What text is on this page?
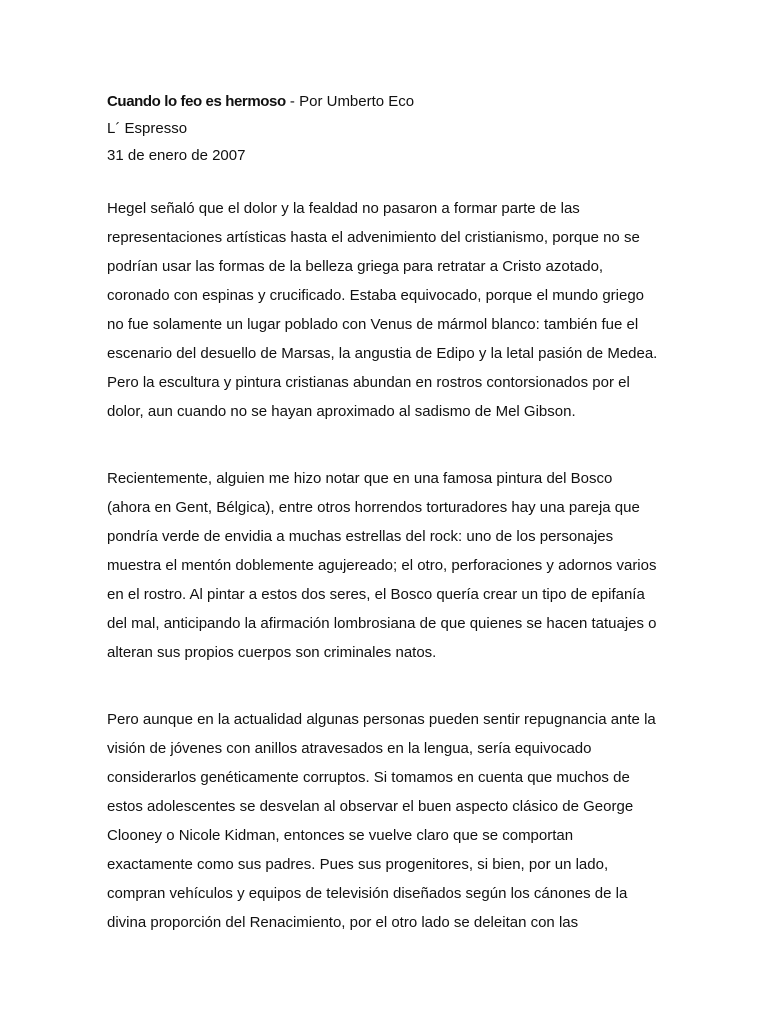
Cuando lo feo es hermoso - Por Umberto Eco
L´ Espresso
31 de enero de 2007
Hegel señaló que el dolor y la fealdad no pasaron a formar parte de las
representaciones artísticas hasta el advenimiento del cristianismo, porque no se
podrían usar las formas de la belleza griega para retratar a Cristo azotado,
coronado con espinas y crucificado. Estaba equivocado, porque el mundo griego
no fue solamente un lugar poblado con Venus de mármol blanco: también fue el
escenario del desuello de Marsas, la angustia de Edipo y la letal pasión de Medea.
Pero la escultura y pintura cristianas abundan en rostros contorsionados por el
dolor, aun cuando no se hayan aproximado al sadismo de Mel Gibson.
Recientemente, alguien me hizo notar que en una famosa pintura del Bosco
(ahora en Gent, Bélgica), entre otros horrendos torturadores hay una pareja que
pondría verde de envidia a muchas estrellas del rock: uno de los personajes
muestra el mentón doblemente agujereado; el otro, perforaciones y adornos varios
en el rostro. Al pintar a estos dos seres, el Bosco quería crear un tipo de epifanía
del mal, anticipando la afirmación lombrosiana de que quienes se hacen tatuajes o
alteran sus propios cuerpos son criminales natos.
Pero aunque en la actualidad algunas personas pueden sentir repugnancia ante la
visión de jóvenes con anillos atravesados en la lengua, sería equivocado
considerarlos genéticamente corruptos. Si tomamos en cuenta que muchos de
estos adolescentes se desvelan al observar el buen aspecto clásico de George
Clooney o Nicole Kidman, entonces se vuelve claro que se comportan
exactamente como sus padres. Pues sus progenitores, si bien, por un lado,
compran vehículos y equipos de televisión diseñados según los cánones de la
divina proporción del Renacimiento, por el otro lado se deleitan con las
